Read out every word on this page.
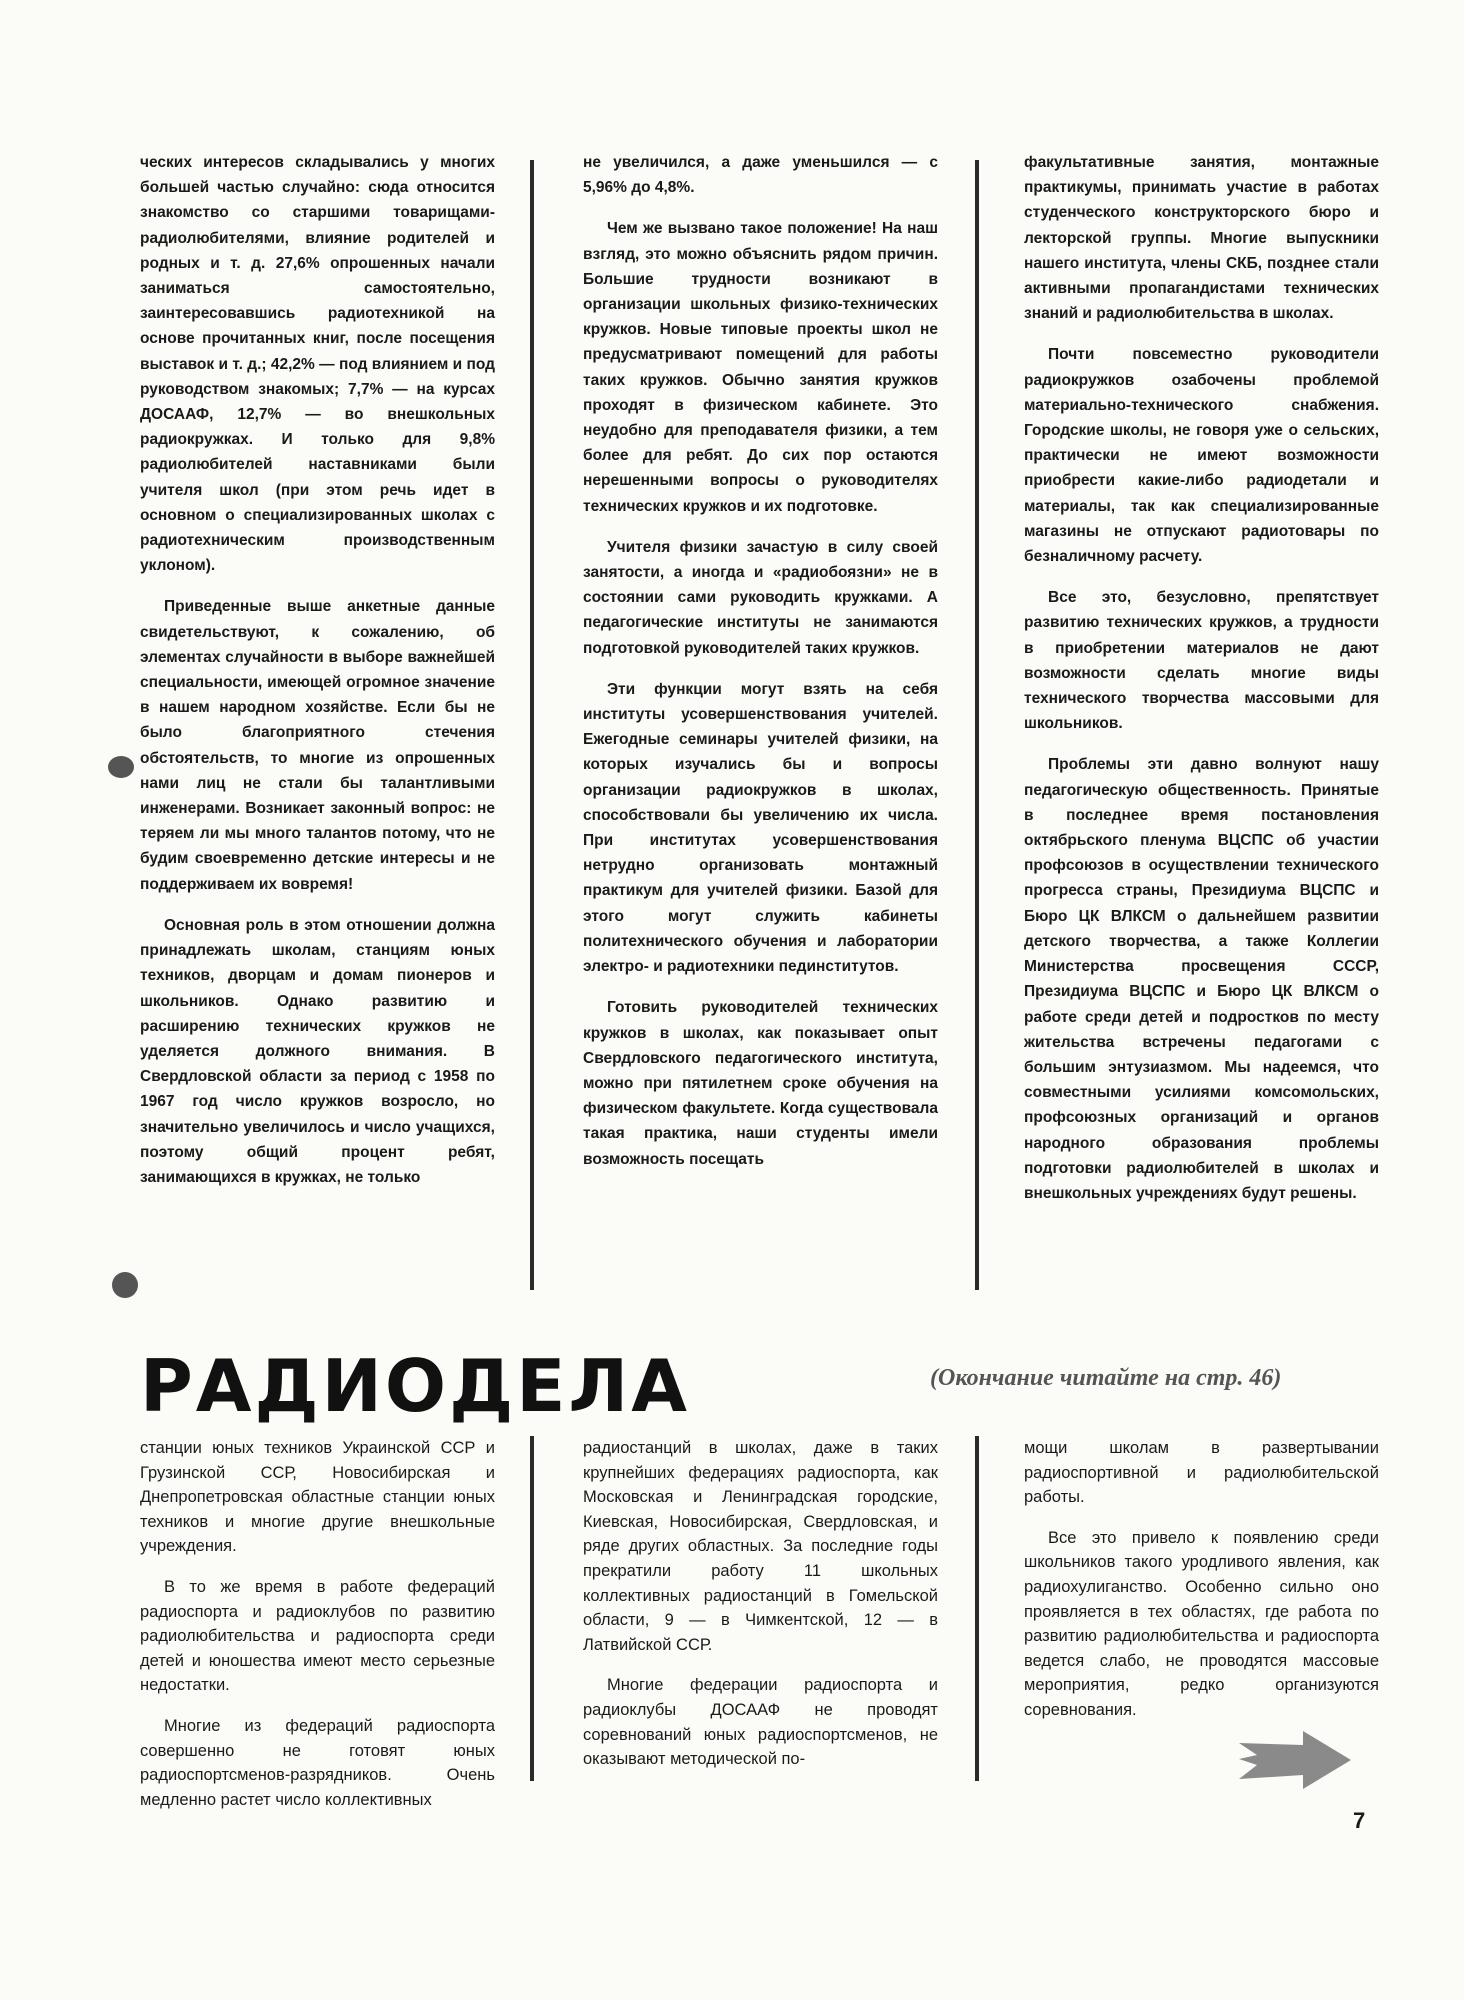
ческих интересов складывались у многих большей частью случайно: сюда относится знакомство со старшими товарищами-радиолюбителями, влияние родителей и родных и т. д. 27,6% опрошенных начали заниматься самостоятельно, заинтересовавшись радиотехникой на основе прочитанных книг, после посещения выставок и т. д.; 42,2% — под влиянием и под руководством знакомых; 7,7% — на курсах ДОСААФ, 12,7% — во внешкольных радиокружках. И только для 9,8% радиолюбителей наставниками были учителя школ (при этом речь идет в основном о специализированных школах с радиотехническим производственным уклоном).

Приведенные выше анкетные данные свидетельствуют, к сожалению, об элементах случайности в выборе важнейшей специальности, имеющей огромное значение в нашем народном хозяйстве. Если бы не было благоприятного стечения обстоятельств, то многие из опрошенных нами лиц не стали бы талантливыми инженерами. Возникает законный вопрос: не теряем ли мы много талантов потому, что не будим своевременно детские интересы и не поддерживаем их вовремя!

Основная роль в этом отношении должна принадлежать школам, станциям юных техников, дворцам и домам пионеров и школьников. Однако развитию и расширению технических кружков не уделяется должного внимания. В Свердловской области за период с 1958 по 1967 год число кружков возросло, но значительно увеличилось и число учащихся, поэтому общий процент ребят, занимающихся в кружках, не только

не увеличился, а даже уменьшился — с 5,96% до 4,8%.

Чем же вызвано такое положение! На наш взгляд, это можно объяснить рядом причин. Большие трудности возникают в организации школьных физико-технических кружков. Новые типовые проекты школ не предусматривают помещений для работы таких кружков. Обычно занятия кружков проходят в физическом кабинете. Это неудобно для преподавателя физики, а тем более для ребят. До сих пор остаются нерешенными вопросы о руководителях технических кружков и их подготовке.

Учителя физики зачастую в силу своей занятости, а иногда и «радиобоязни» не в состоянии сами руководить кружками. А педагогические институты не занимаются подготовкой руководителей таких кружков.

Эти функции могут взять на себя институты усовершенствования учителей. Ежегодные семинары учителей физики, на которых изучались бы и вопросы организации радиокружков в школах, способствовали бы увеличению их числа. При институтах усовершенствования нетрудно организовать монтажный практикум для учителей физики. Базой для этого могут служить кабинеты политехнического обучения и лаборатории электро- и радиотехники пединститутов.

Готовить руководителей технических кружков в школах, как показывает опыт Свердловского педагогического института, можно при пятилетнем сроке обучения на физическом факультете. Когда существовала такая практика, наши студенты имели возможность посещать

факультативные занятия, монтажные практикумы, принимать участие в работах студенческого конструкторского бюро и лекторской группы. Многие выпускники нашего института, члены СКБ, позднее стали активными пропагандистами технических знаний и радиолюбительства в школах.

Почти повсеместно руководители радиокружков озабочены проблемой материально-технического снабжения. Городские школы, не говоря уже о сельских, практически не имеют возможности приобрести какие-либо радиодетали и материалы, так как специализированные магазины не отпускают радиотовары по безналичному расчету.

Все это, безусловно, препятствует развитию технических кружков, а трудности в приобретении материалов не дают возможности сделать многие виды технического творчества массовыми для школьников.

Проблемы эти давно волнуют нашу педагогическую общественность. Принятые в последнее время постановления октябрьского пленума ВЦСПС об участии профсоюзов в осуществлении технического прогресса страны, Президиума ВЦСПС и Бюро ЦК ВЛКСМ о дальнейшем развитии детского творчества, а также Коллегии Министерства просвещения СССР, Президиума ВЦСПС и Бюро ЦК ВЛКСМ о работе среди детей и подростков по месту жительства встречены педагогами с большим энтузиазмом. Мы надеемся, что совместными усилиями комсомольских, профсоюзных организаций и органов народного образования проблемы подготовки радиолюбителей в школах и внешкольных учреждениях будут решены.

РАДИОДЕЛА	(Окончание читайте на стр. 46)

станции юных техников Украинской ССР и Грузинской ССР, Новосибирская и Днепропетровская областные станции юных техников и многие другие внешкольные учреждения.

В то же время в работе федераций радиоспорта и радиоклубов по развитию радиолюбительства и радиоспорта среди детей и юношества имеют место серьезные недостатки.

Многие из федераций радиоспорта совершенно не готовят юных радиоспортсменов-разрядников. Очень медленно растет число коллективных

радиостанций в школах, даже в таких крупнейших федерациях радиоспорта, как Московская и Ленинградская городские, Киевская, Новосибирская, Свердловская, и ряде других областных. За последние годы прекратили работу 11 школьных коллективных радиостанций в Гомельской области, 9 — в Чимкентской, 12 — в Латвийской ССР.

Многие федерации радиоспорта и радиоклубы ДОСААФ не проводят соревнований юных радиоспортсменов, не оказывают методической по-

мощи школам в развертывании радиоспортивной и радиолюбительской работы.

Все это привело к появлению среди школьников такого уродливого явления, как радиохулиганство. Особенно сильно оно проявляется в тех областях, где работа по развитию радиолюбительства и радиоспорта ведется слабо, не проводятся массовые мероприятия, редко организуются соревнования.

7
